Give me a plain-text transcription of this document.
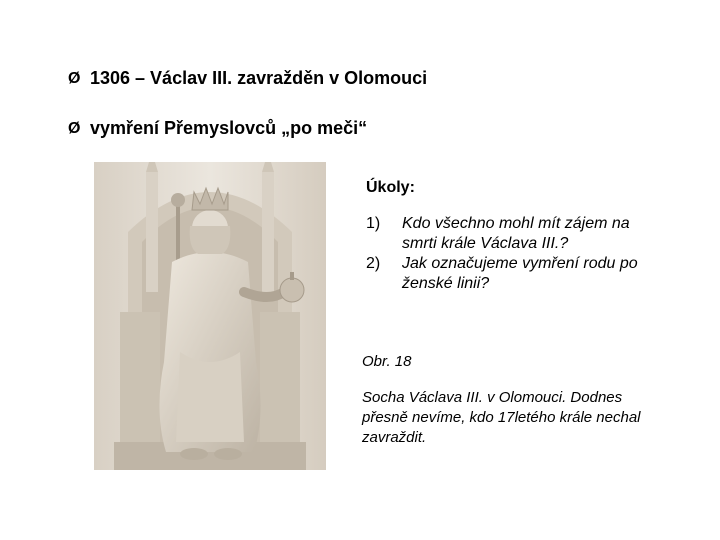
Ø 1306 – Václav III. zavražděn v Olomouci
Ø vymření Přemyslovců „po meči“
Úkoly:
1)	Kdo všechno mohl mít zájem na smrti krále Václava III.?
2)	Jak označujeme vymření rodu po ženské linii?
Obr. 18
Socha Václava III. v Olomouci. Dodnes přesně nevíme, kdo 17letého krále nechal zavraždit.
